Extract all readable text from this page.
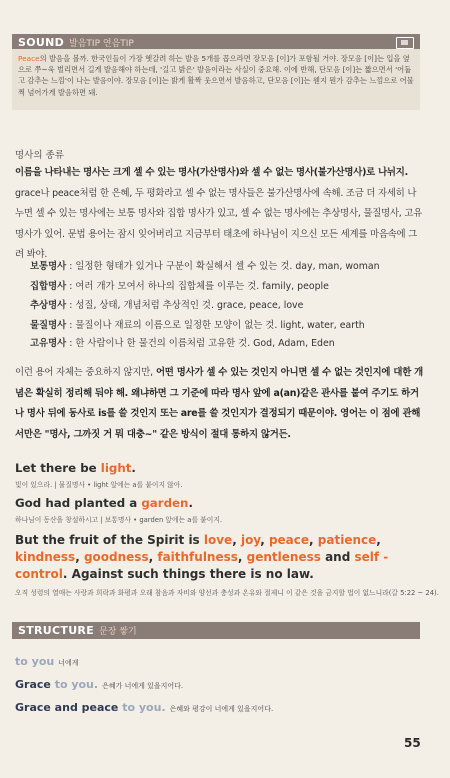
SOUND 발음TIP 연음TIP
Peace의 발음을 볼까. 한국인들이 가장 헷갈려 하는 발음 5개를 꼽으라면 장모음 [이]가 포함될 거야. 장모음 [이]는 입을 옆으로 쭈~욱 벌리면서 길게 발음해야 하는데, '길고 밝은' 발음이라는 사실이 중요해. 이에 반해, 단모음 [이]는 짧으면서 '어둡고 감추는 느낌'이 나는 발음이야. 장모음 [이]는 밝게 활짝 웃으면서 발음하고, 단모음 [이]는 웬지 뭔가 감추는 느낌으로 어물쩍 넘어가게 발음하면 돼.
명사의 종류
이름을 나타내는 명사는 크게 셀 수 있는 명사(가산명사)와 셀 수 없는 명사(불가산명사)로 나뉘지. grace나 peace처럼 한 은혜, 두 평화라고 셀 수 없는 명사들은 불가산명사에 속해. 조금 더 자세히 나누면 셀 수 있는 명사에는 보통 명사와 집합 명사가 있고, 셀 수 없는 명사에는 추상명사, 물질명사, 고유명사가 있어. 문법 용어는 잠시 잊어버리고 지금부터 태초에 하나님이 지으신 모든 세계를 마음속에 그려 봐야.
보통명사 : 일정한 형태가 있거나 구분이 확실해서 셀 수 있는 것. day, man, woman
집합명사 : 여러 개가 모여서 하나의 집합체를 이루는 것. family, people
추상명사 : 성질, 상태, 개념처럼 추상적인 것. grace, peace, love
물질명사 : 물질이나 재료의 이름으로 일정한 모양이 없는 것. light, water, earth
고유명사 : 한 사람이나 한 물건의 이름처럼 고유한 것. God, Adam, Eden
이런 용어 자체는 중요하지 않지만, 어떤 명사가 셀 수 있는 것인지 아니면 셀 수 없는 것인지에 대한 개념은 확실히 정리해 둬야 해. 왜냐하면 그 기준에 따라 명사 앞에 a(an)같은 관사를 붙여 주기도 하거나 명사 뒤에 동사로 is를 쓸 것인지 또는 are를 쓸 것인지가 결정되기 때문이야. 영어는 이 점에 관해서만은 "명사, 그까짓 거 뭐 대충~" 같은 방식이 절대 통하지 않거든.
Let there be light.
빛이 있으라. | 물질명사 • light 앞에는 a를 붙이지 않아.
God had planted a garden.
하나님이 동산을 창설하시고 | 보통명사 • garden 앞에는 a를 붙이지.
But the fruit of the Spirit is love, joy, peace, patience, kindness, goodness, faithfulness, gentleness and self - control. Against such things there is no law.
오직 성령의 열매는 사랑과 희락과 화평과 오래 참음과 자비와 양선과 충성과 온유와 절제니 이 같은 것을 금지할 법이 없느니라(갈 5:22 ~ 24).
STRUCTURE 문장 쌓기
to you 너에게
Grace to you. 은혜가 너에게 있을지어다.
Grace and peace to you. 은혜와 평강이 너에게 있을지어다.
55
